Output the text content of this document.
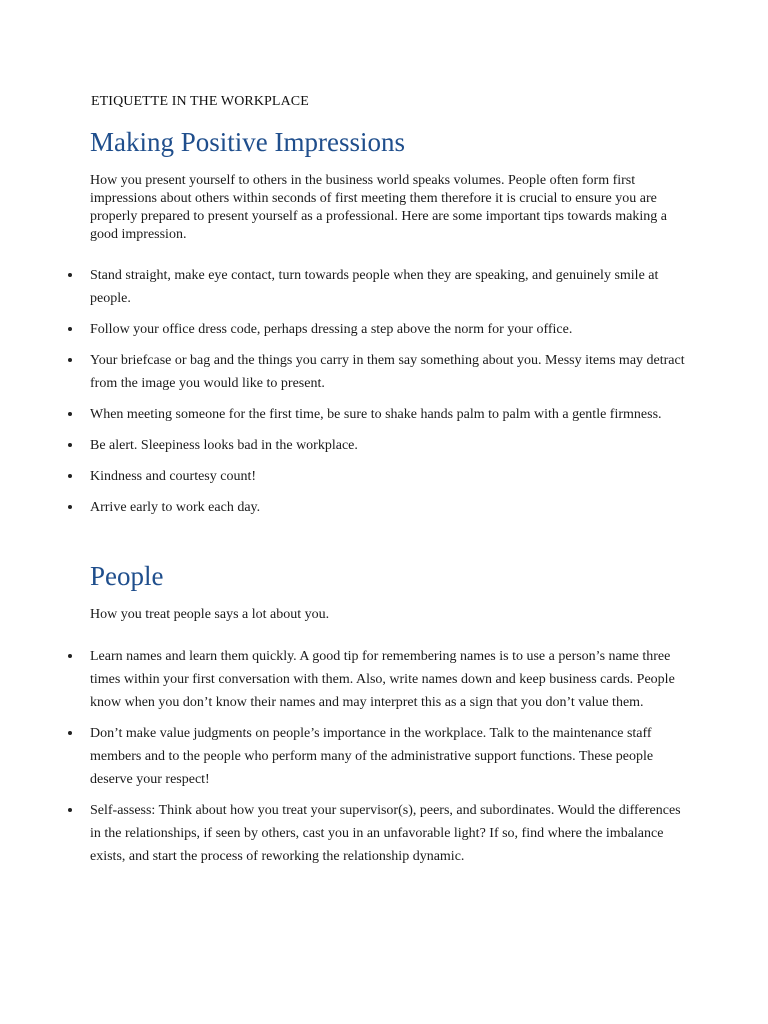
ETIQUETTE IN THE WORKPLACE
Making Positive Impressions

How you present yourself to others in the business world speaks volumes. People often form first impressions about others within seconds of first meeting them therefore it is crucial to ensure you are properly prepared to present yourself as a professional. Here are some important tips towards making a good impression.

Stand straight, make eye contact, turn towards people when they are speaking, and genuinely smile at people.
Follow your office dress code, perhaps dressing a step above the norm for your office.
Your briefcase or bag and the things you carry in them say something about you. Messy items may detract from the image you would like to present.
When meeting someone for the first time, be sure to shake hands palm to palm with a gentle firmness.
Be alert. Sleepiness looks bad in the workplace.
Kindness and courtesy count!
Arrive early to work each day.
People

How you treat people says a lot about you.

Learn names and learn them quickly. A good tip for remembering names is to use a person’s name three times within your first conversation with them. Also, write names down and keep business cards. People know when you don’t know their names and may interpret this as a sign that you don’t value them.
Don’t make value judgments on people’s importance in the workplace. Talk to the maintenance staff members and to the people who perform many of the administrative support functions. These people deserve your respect!
Self-assess: Think about how you treat your supervisor(s), peers, and subordinates. Would the differences in the relationships, if seen by others, cast you in an unfavorable light? If so, find where the imbalance exists, and start the process of reworking the relationship dynamic.
